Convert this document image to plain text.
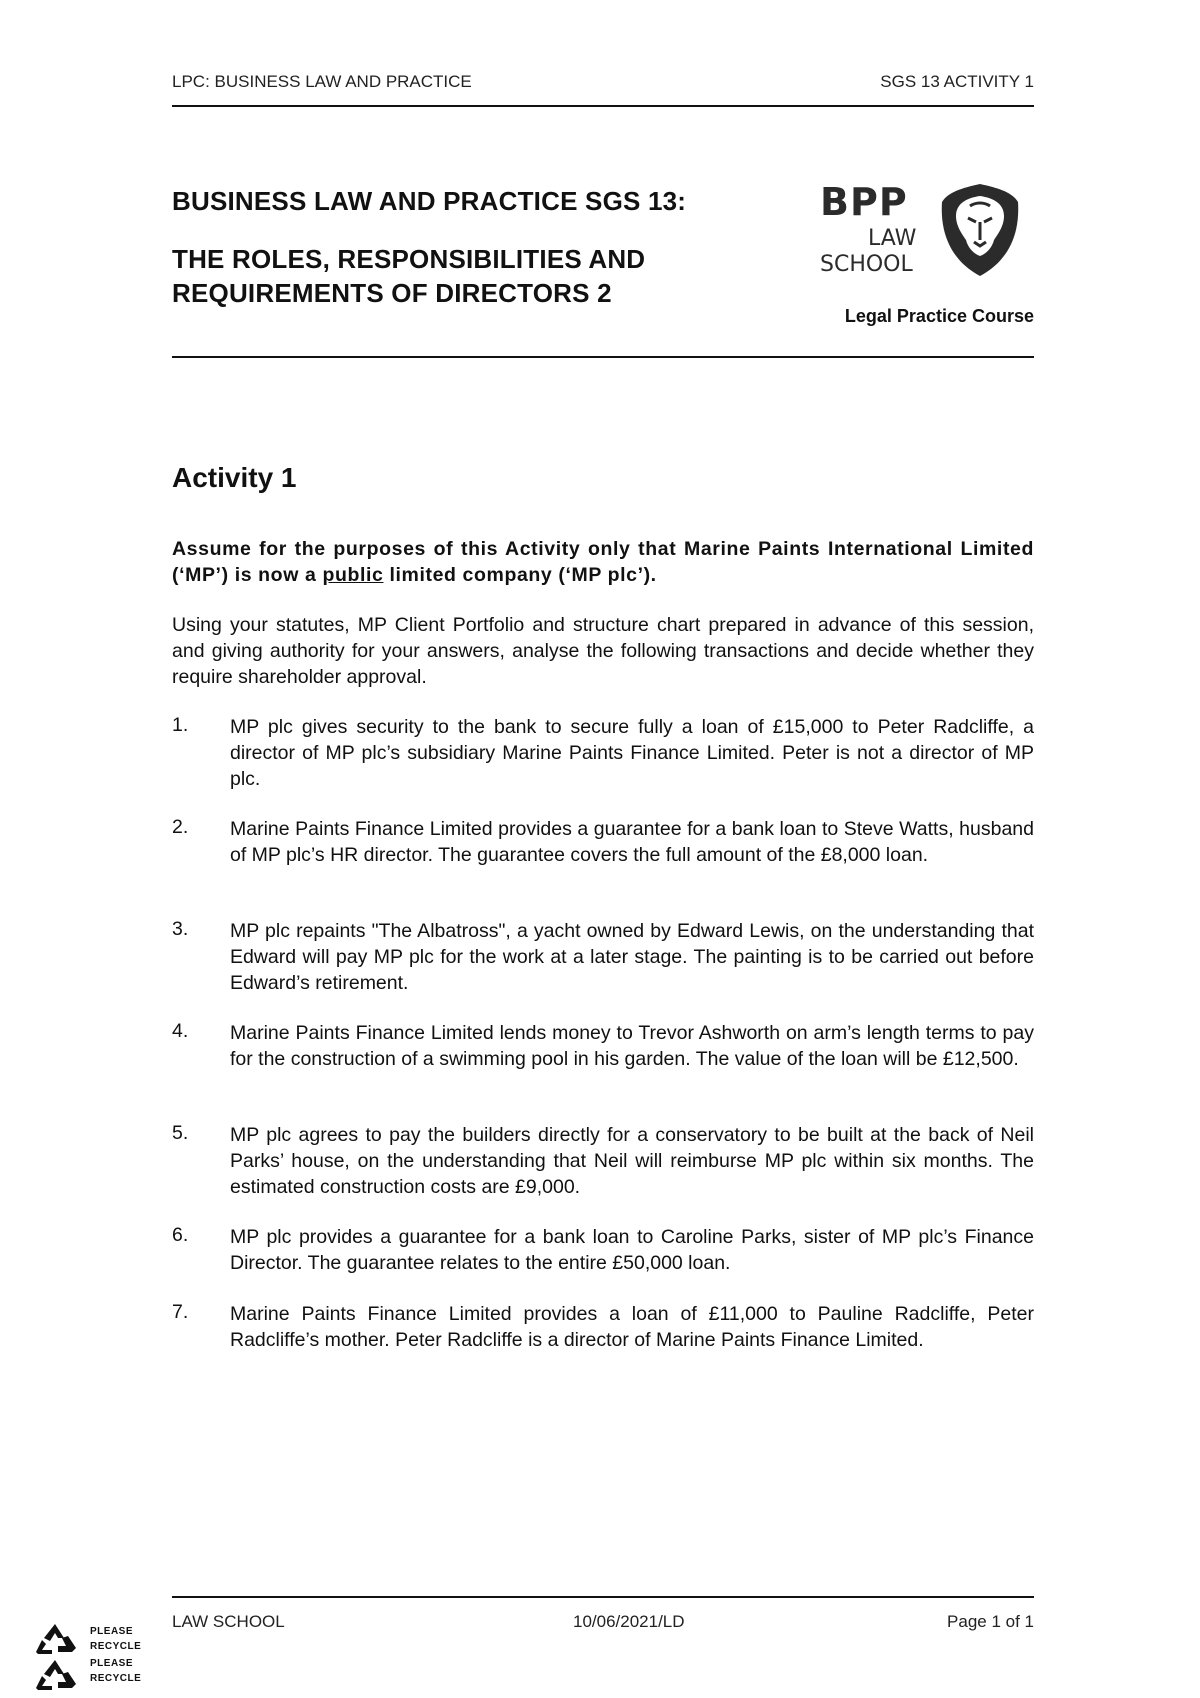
LPC: BUSINESS LAW AND PRACTICE	SGS 13 ACTIVITY 1
BUSINESS LAW AND PRACTICE SGS 13:
THE ROLES, RESPONSIBILITIES AND
REQUIREMENTS OF DIRECTORS 2
BPP
LAW
SCHOOL
Legal Practice Course
Activity 1
Assume for the purposes of this Activity only that Marine Paints International Limited (‘MP’) is now a public limited company (‘MP plc’).
Using your statutes, MP Client Portfolio and structure chart prepared in advance of this session, and giving authority for your answers, analyse the following transactions and decide whether they require shareholder approval.
1. MP plc gives security to the bank to secure fully a loan of £15,000 to Peter Radcliffe, a director of MP plc’s subsidiary Marine Paints Finance Limited. Peter is not a director of MP plc.
2. Marine Paints Finance Limited provides a guarantee for a bank loan to Steve Watts, husband of MP plc’s HR director. The guarantee covers the full amount of the £8,000 loan.
3. MP plc repaints "The Albatross", a yacht owned by Edward Lewis, on the understanding that Edward will pay MP plc for the work at a later stage. The painting is to be carried out before Edward’s retirement.
4. Marine Paints Finance Limited lends money to Trevor Ashworth on arm’s length terms to pay for the construction of a swimming pool in his garden. The value of the loan will be £12,500.
5. MP plc agrees to pay the builders directly for a conservatory to be built at the back of Neil Parks’ house, on the understanding that Neil will reimburse MP plc within six months. The estimated construction costs are £9,000.
6. MP plc provides a guarantee for a bank loan to Caroline Parks, sister of MP plc’s Finance Director. The guarantee relates to the entire £50,000 loan.
7. Marine Paints Finance Limited provides a loan of £11,000 to Pauline Radcliffe, Peter Radcliffe’s mother. Peter Radcliffe is a director of Marine Paints Finance Limited.
LAW SCHOOL	10/06/2021/LD	Page 1 of 1
PLEASE
RECYCLE
PLEASE
RECYCLE
